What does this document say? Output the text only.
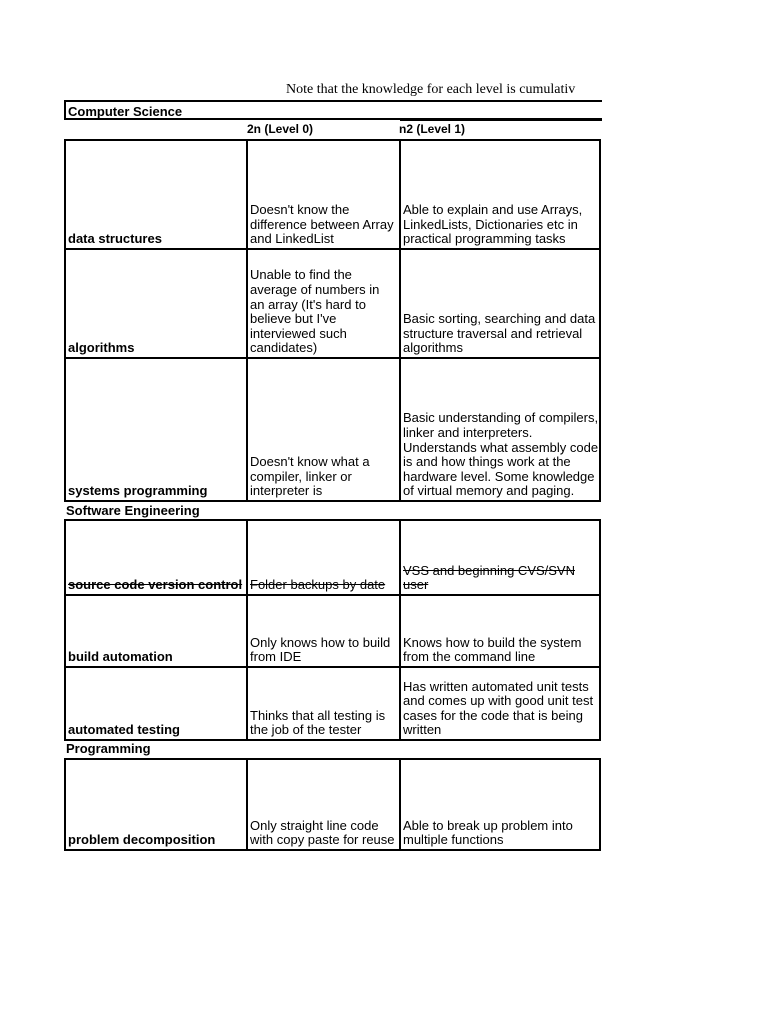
Note that the knowledge for each level is cumulativ
Computer Science
2n (Level 0)	n2 (Level 1)
data structures
Doesn't know the difference between Array and LinkedList
Able to explain and use Arrays, LinkedLists, Dictionaries etc in practical programming tasks
algorithms
Unable to find the average of numbers in an array (It's hard to believe but I've interviewed such candidates)
Basic sorting, searching and data structure traversal and retrieval algorithms
systems programming
Doesn't know what a compiler, linker or interpreter is
Basic understanding of compilers, linker and interpreters. Understands what assembly code is and how things work at the hardware level. Some knowledge of virtual memory and paging.
Software Engineering
source code version control Folder backups by date
VSS and beginning CVS/SVN user
build automation
Only knows how to build from IDE
Knows how to build the system from the command line
automated testing
Thinks that all testing is the job of the tester
Has written automated unit tests and comes up with good unit test cases for the code that is being written
Programming
problem decomposition
Only straight line code with copy paste for reuse
Able to break up problem into multiple functions
